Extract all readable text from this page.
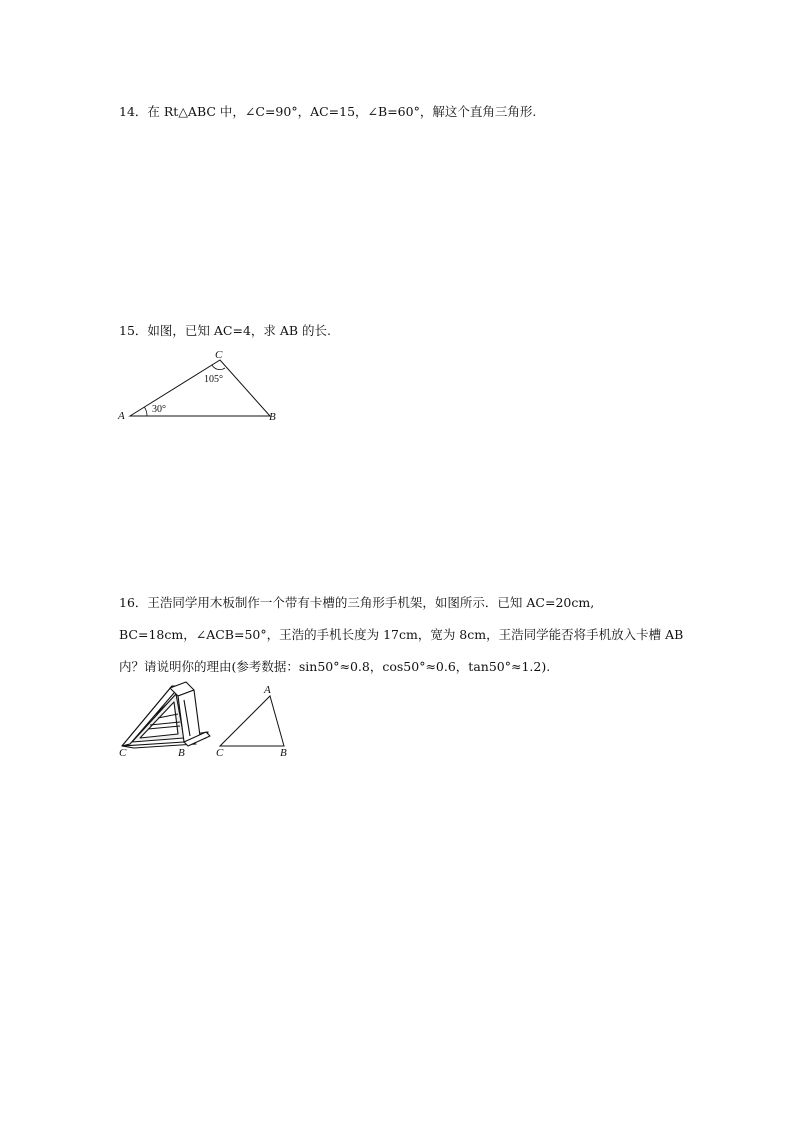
14．在 Rt△ABC 中，∠C=90°，AC=15，∠B=60°，解这个直角三角形.
15．如图，已知 AC=4，求 AB 的长.
A	B
C
30°
105°
16．王浩同学用木板制作一个带有卡槽的三角形手机架，如图所示．已知 AC=20cm,
BC=18cm，∠ACB=50°，王浩的手机长度为 17cm，宽为 8cm，王浩同学能否将手机放入卡槽 AB
内？请说明你的理由(参考数据：sin50°≈0.8，cos50°≈0.6，tan50°≈1.2).
C	B
A
B
C
